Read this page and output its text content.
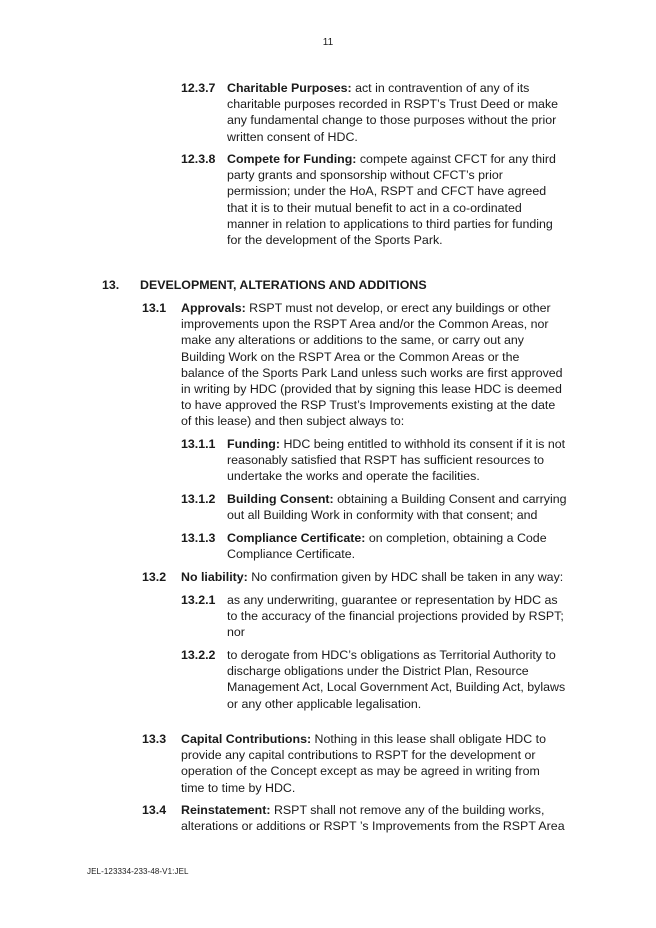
11
12.3.7 Charitable Purposes: act in contravention of any of its charitable purposes recorded in RSPT’s Trust Deed or make any fundamental change to those purposes without the prior written consent of HDC.
12.3.8 Compete for Funding: compete against CFCT for any third party grants and sponsorship without CFCT’s prior permission; under the HoA, RSPT and CFCT have agreed that it is to their mutual benefit to act in a co-ordinated manner in relation to applications to third parties for funding for the development of the Sports Park.
13. DEVELOPMENT, ALTERATIONS AND ADDITIONS
13.1 Approvals: RSPT must not develop, or erect any buildings or other improvements upon the RSPT Area and/or the Common Areas, nor make any alterations or additions to the same, or carry out any Building Work on the RSPT Area or the Common Areas or the balance of the Sports Park Land unless such works are first approved in writing by HDC (provided that by signing this lease HDC is deemed to have approved the RSP Trust’s Improvements existing at the date of this lease) and then subject always to:
13.1.1 Funding: HDC being entitled to withhold its consent if it is not reasonably satisfied that RSPT has sufficient resources to undertake the works and operate the facilities.
13.1.2 Building Consent: obtaining a Building Consent and carrying out all Building Work in conformity with that consent; and
13.1.3 Compliance Certificate: on completion, obtaining a Code Compliance Certificate.
13.2 No liability: No confirmation given by HDC shall be taken in any way:
13.2.1 as any underwriting, guarantee or representation by HDC as to the accuracy of the financial projections provided by RSPT; nor
13.2.2 to derogate from HDC’s obligations as Territorial Authority to discharge obligations under the District Plan, Resource Management Act, Local Government Act, Building Act, bylaws or any other applicable legalisation.
13.3 Capital Contributions: Nothing in this lease shall obligate HDC to provide any capital contributions to RSPT for the development or operation of the Concept except as may be agreed in writing from time to time by HDC.
13.4 Reinstatement: RSPT shall not remove any of the building works, alterations or additions or RSPT ’s Improvements from the RSPT Area
JEL-123334-233-48-V1:JEL
